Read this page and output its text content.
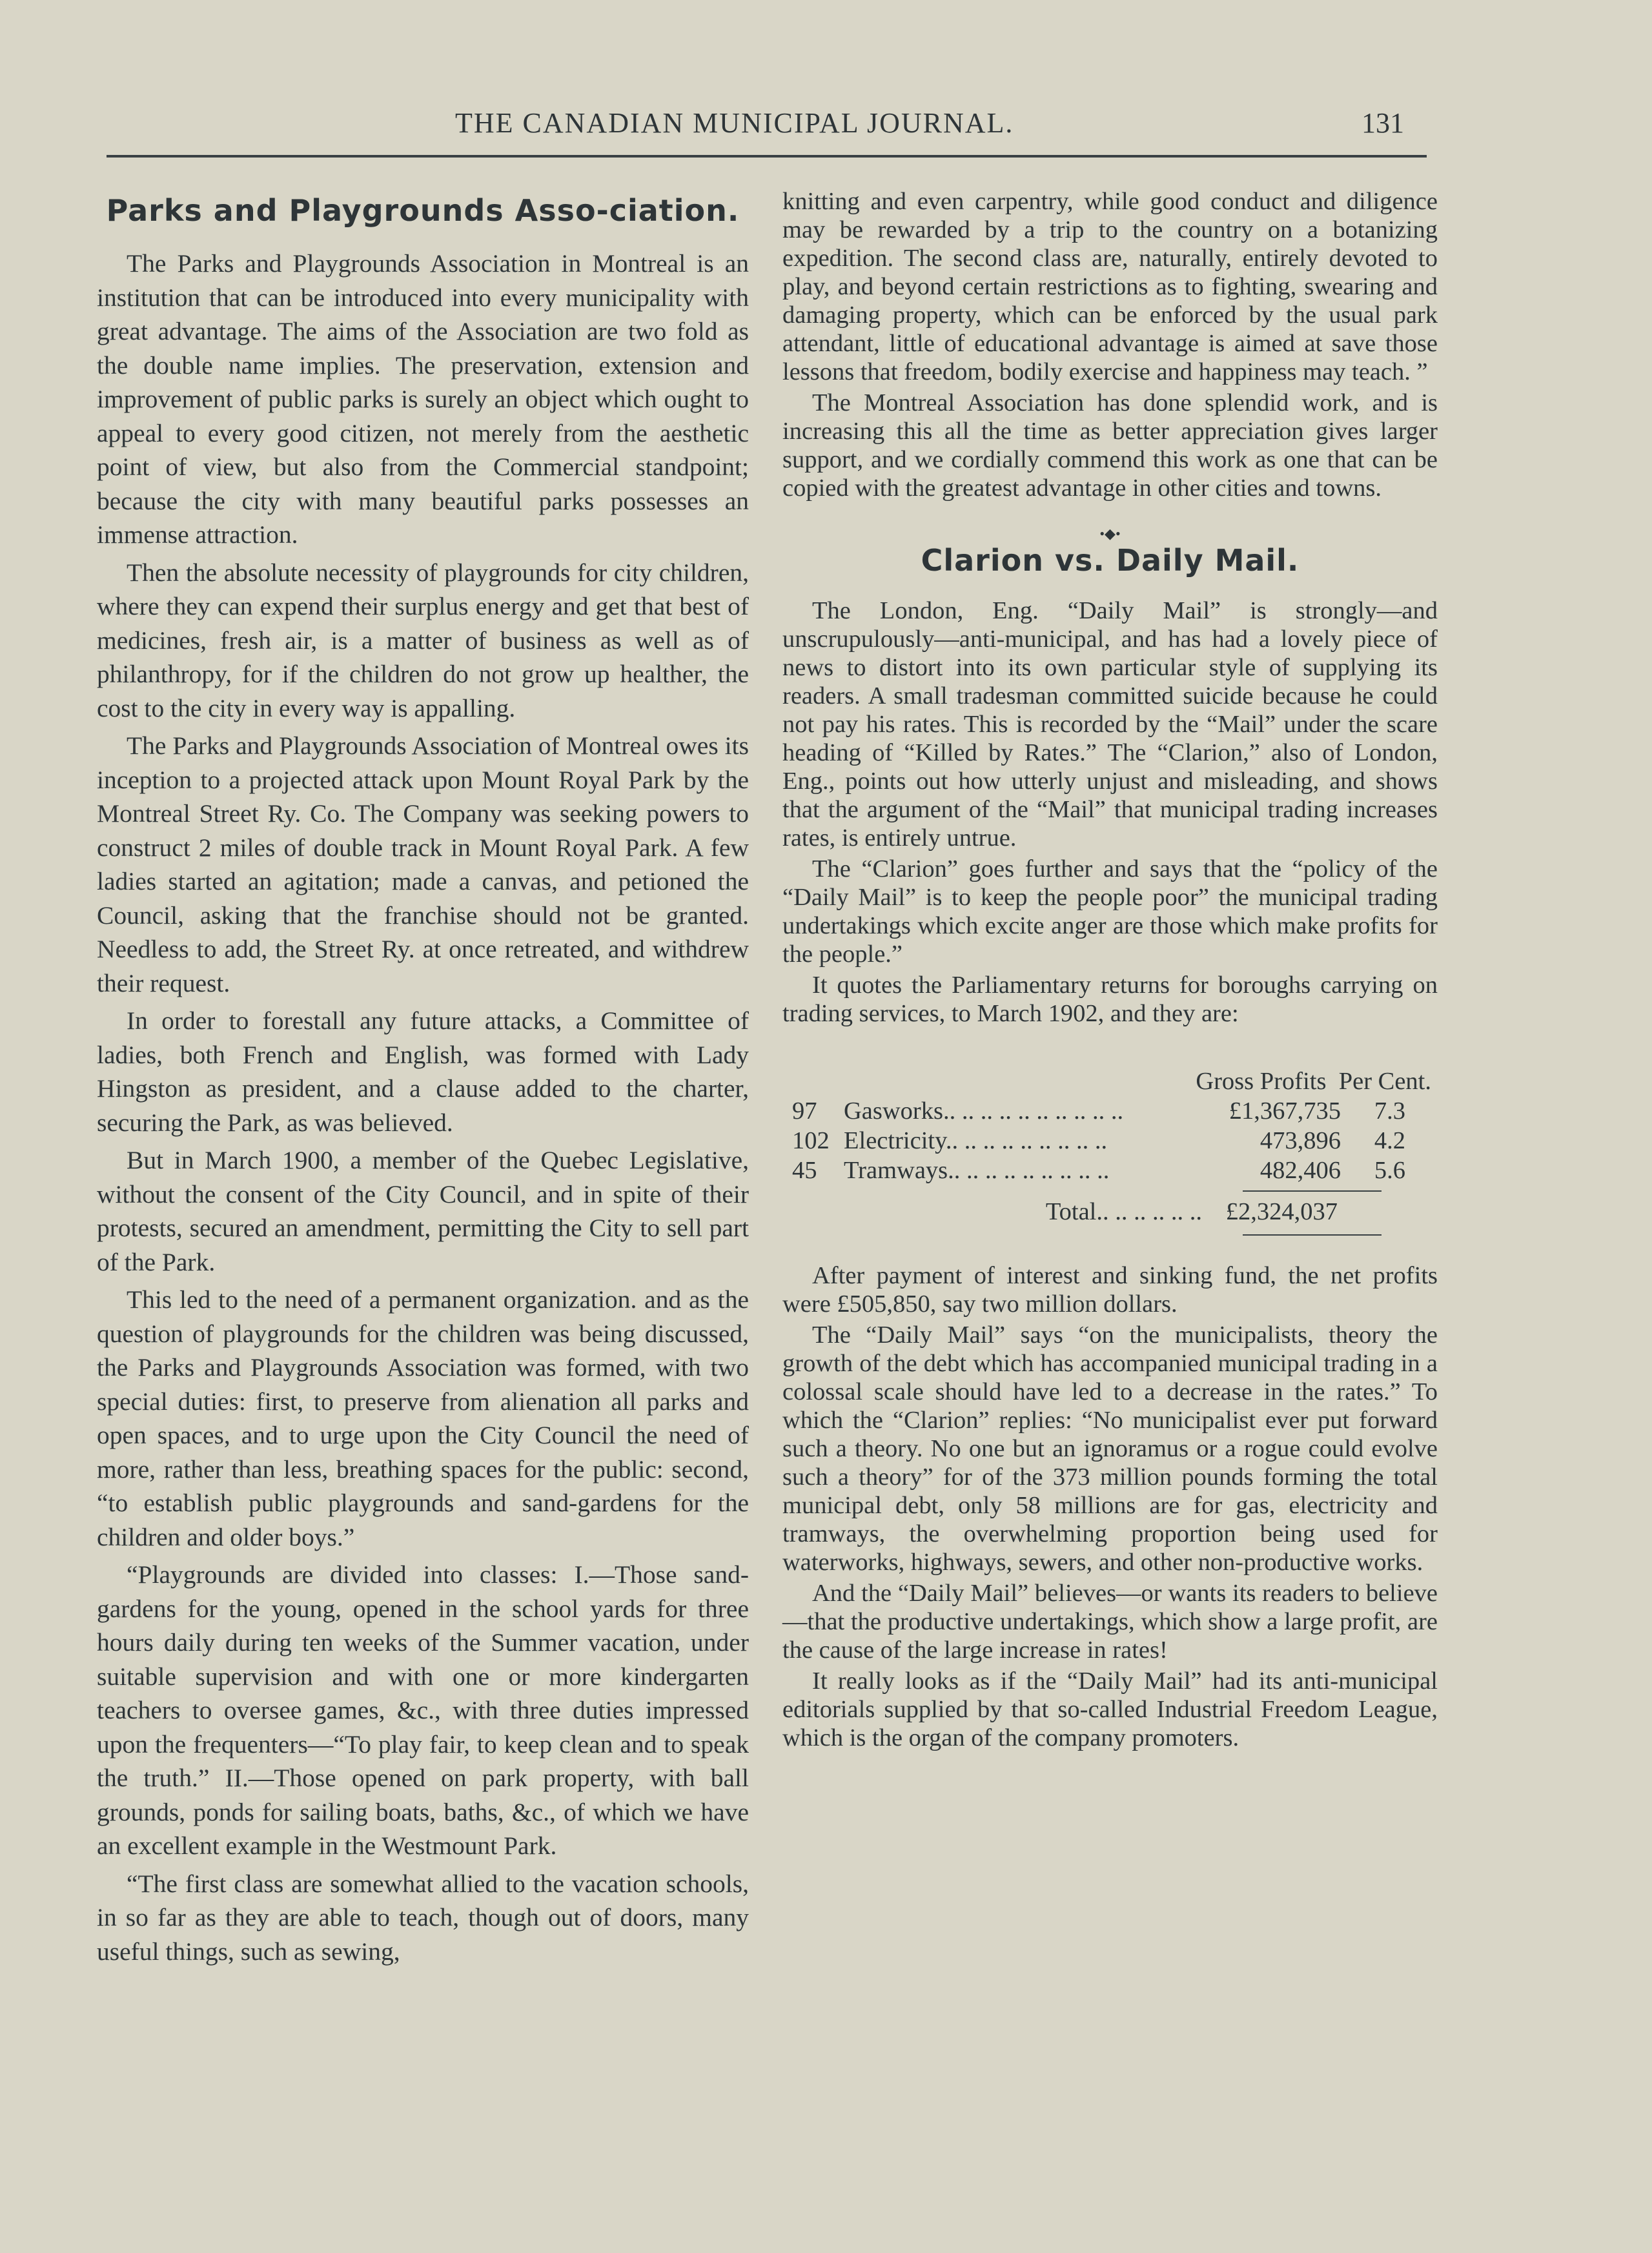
THE CANADIAN MUNICIPAL JOURNAL.	131
Parks and Playgrounds Asso-ciation.

The Parks and Playgrounds Association in Montreal is an institution that can be introduced into every municipality with great advantage. The aims of the Association are two fold as the double name implies. The preservation, extension and improvement of public parks is surely an object which ought to appeal to every good citizen, not merely from the aesthetic point of view, but also from the Commercial standpoint; because the city with many beautiful parks possesses an immense attraction.

Then the absolute necessity of playgrounds for city children, where they can expend their surplus energy and get that best of medicines, fresh air, is a matter of business as well as of philanthropy, for if the children do not grow up healther, the cost to the city in every way is appalling.

The Parks and Playgrounds Association of Montreal owes its inception to a projected attack upon Mount Royal Park by the Montreal Street Ry. Co. The Company was seeking powers to construct 2 miles of double track in Mount Royal Park. A few ladies started an agitation; made a canvas, and petioned the Council, asking that the franchise should not be granted. Needless to add, the Street Ry. at once retreated, and withdrew their request.

In order to forestall any future attacks, a Committee of ladies, both French and English, was formed with Lady Hingston as president, and a clause added to the charter, securing the Park, as was believed.

But in March 1900, a member of the Quebec Legislative, without the consent of the City Council, and in spite of their protests, secured an amendment, permitting the City to sell part of the Park.

This led to the need of a permanent organization. and as the question of playgrounds for the children was being discussed, the Parks and Playgrounds Association was formed, with two special duties: first, to preserve from alienation all parks and open spaces, and to urge upon the City Council the need of more, rather than less, breathing spaces for the public: second, “to establish public playgrounds and sand-gardens for the children and older boys.”

“Playgrounds are divided into classes: I.—Those sand-gardens for the young, opened in the school yards for three hours daily during ten weeks of the Summer vacation, under suitable supervision and with one or more kindergarten teachers to oversee games, &c., with three duties impressed upon the frequenters—“To play fair, to keep clean and to speak the truth.” II.—Those opened on park property, with ball grounds, ponds for sailing boats, baths, &c., of which we have an excellent example in the Westmount Park.

“The first class are somewhat allied to the vacation schools, in so far as they are able to teach, though out of doors, many useful things, such as sewing,

knitting and even carpentry, while good conduct and diligence may be rewarded by a trip to the country on a botanizing expedition. The second class are, naturally, entirely devoted to play, and beyond certain restrictions as to fighting, swearing and damaging property, which can be enforced by the usual park attendant, little of educational advantage is aimed at save those lessons that freedom, bodily exercise and happiness may teach. ”

The Montreal Association has done splendid work, and is increasing this all the time as better appreciation gives larger support, and we cordially commend this work as one that can be copied with the greatest advantage in other cities and towns.

•◆•
Clarion vs. Daily Mail.

The London, Eng. “Daily Mail” is strongly—and unscrupulously—anti-municipal, and has had a lovely piece of news to distort into its own particular style of supplying its readers. A small tradesman committed suicide because he could not pay his rates. This is recorded by the “Mail” under the scare heading of “Killed by Rates.” The “Clarion,” also of London, Eng., points out how utterly unjust and misleading, and shows that the argument of the “Mail” that municipal trading increases rates, is entirely untrue.

The “Clarion” goes further and says that the “policy of the “Daily Mail” is to keep the people poor” the municipal trading undertakings which excite anger are those which make profits for the people.”

It quotes the Parliamentary returns for boroughs carrying on trading services, to March 1902, and they are:

Gross Profits  Per Cent.
97	Gasworks.. .. .. .. .. .. .. .. .. ..	£1,367,735	7.3
102 Electricity.. .. .. .. .. .. .. .. ..	473,896	4.2
45	Tramways.. .. .. .. .. .. .. .. ..	482,406	5.6
Total.. .. .. .. .. .. £2,324,037

After payment of interest and sinking fund, the net profits were £505,850, say two million dollars.

The “Daily Mail” says “on the municipalists, theory the growth of the debt which has accompanied municipal trading in a colossal scale should have led to a decrease in the rates.” To which the “Clarion” replies: “No municipalist ever put forward such a theory. No one but an ignoramus or a rogue could evolve such a theory” for of the 373 million pounds forming the total municipal debt, only 58 millions are for gas, electricity and tramways, the overwhelming proportion being used for waterworks, highways, sewers, and other non-productive works.

And the “Daily Mail” believes—or wants its readers to believe—that the productive undertakings, which show a large profit, are the cause of the large increase in rates!

It really looks as if the “Daily Mail” had its anti-municipal editorials supplied by that so-called Industrial Freedom League, which is the organ of the company promoters.
